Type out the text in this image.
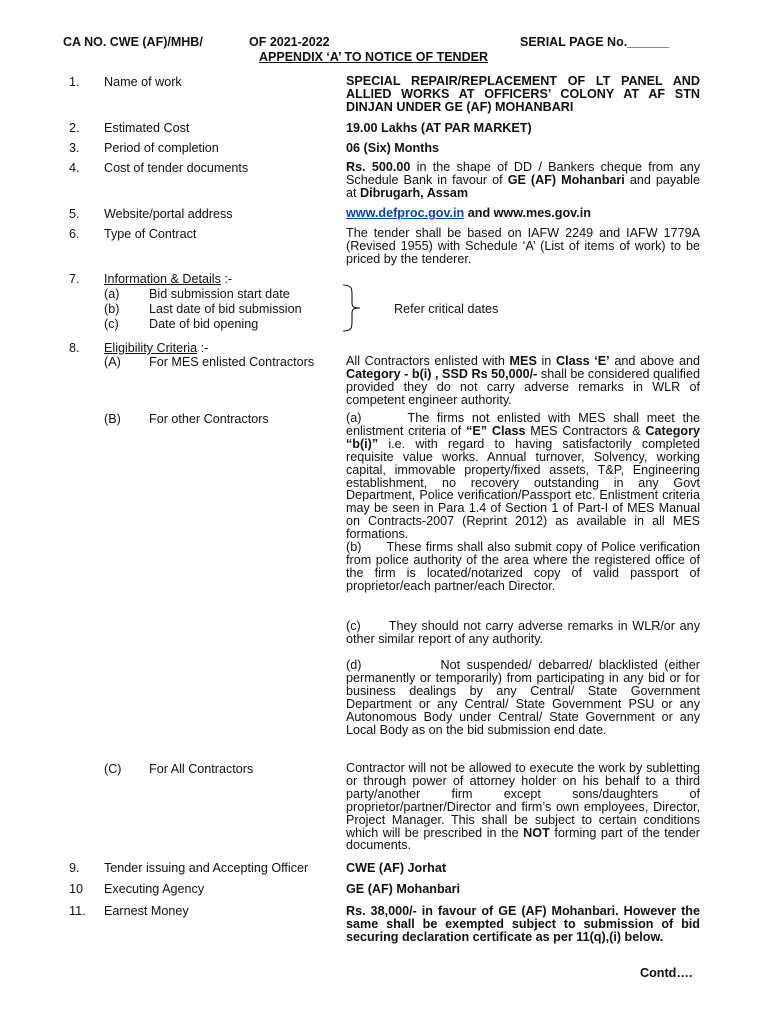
CA NO. CWE (AF)/MHB/	OF 2021-2022	SERIAL PAGE No.______
APPENDIX ‘A’ TO NOTICE OF TENDER
1. Name of work	SPECIAL REPAIR/REPLACEMENT OF LT PANEL AND ALLIED WORKS AT OFFICERS’ COLONY AT AF STN DINJAN UNDER GE (AF) MOHANBARI
2. Estimated Cost	19.00 Lakhs (AT PAR MARKET)
3. Period of completion	06 (Six) Months
4. Cost of tender documents	Rs. 500.00 in the shape of DD / Bankers cheque from any Schedule Bank in favour of GE (AF) Mohanbari and payable at Dibrugarh, Assam
5. Website/portal address	www.defproc.gov.in and www.mes.gov.in
6. Type of Contract	The tender shall be based on IAFW 2249 and IAFW 1779A (Revised 1955) with Schedule ‘A’ (List of items of work) to be priced by the tenderer.
7. Information & Details :-
(a) Bid submission start date
(b) Last date of bid submission
(c) Date of bid opening
Refer critical dates
8. Eligibility Criteria :-
(A) For MES enlisted Contractors	All Contractors enlisted with MES in Class ‘E’ and above and Category - b(i) , SSD Rs 50,000/- shall be considered qualified provided they do not carry adverse remarks in WLR of competent engineer authority.
(B) For other Contractors	(a)      The firms not enlisted with MES shall meet the enlistment criteria of “E” Class MES Contractors & Category “b(i)” i.e. with regard to having satisfactorily completed requisite value works. Annual turnover, Solvency, working capital, immovable property/fixed assets, T&P, Engineering establishment, no recovery outstanding in any Govt Department, Police verification/Passport etc. Enlistment criteria may be seen in Para 1.4 of Section 1 of Part-I of MES Manual on Contracts-2007 (Reprint 2012) as available in all MES formations.

(b)      These firms shall also submit copy of Police verification from police authority of the area where the registered office of the firm is located/notarized copy of valid passport of proprietor/each partner/each Director.

(c)      They should not carry adverse remarks in WLR/or any other similar report of any authority.
(d)            Not suspended/ debarred/ blacklisted (either permanently or temporarily) from participating in any bid or for business dealings by any Central/ State Government Department or any Central/ State Government PSU or any Autonomous Body under Central/ State Government or any Local Body as on the bid submission end date.
(C) For All Contractors	Contractor will not be allowed to execute the work by subletting or through power of attorney holder on his behalf to a third party/another firm except sons/daughters of proprietor/partner/Director and firm’s own employees, Director, Project Manager. This shall be subject to certain conditions which will be prescribed in the NOT forming part of the tender documents.
9. Tender issuing and Accepting Officer	CWE (AF) Jorhat
10 Executing Agency	GE (AF) Mohanbari
11. Earnest Money	Rs. 38,000/- in favour of GE (AF) Mohanbari. However the same shall be exempted subject to submission of bid securing declaration certificate as per 11(q),(i) below.
Contd….
